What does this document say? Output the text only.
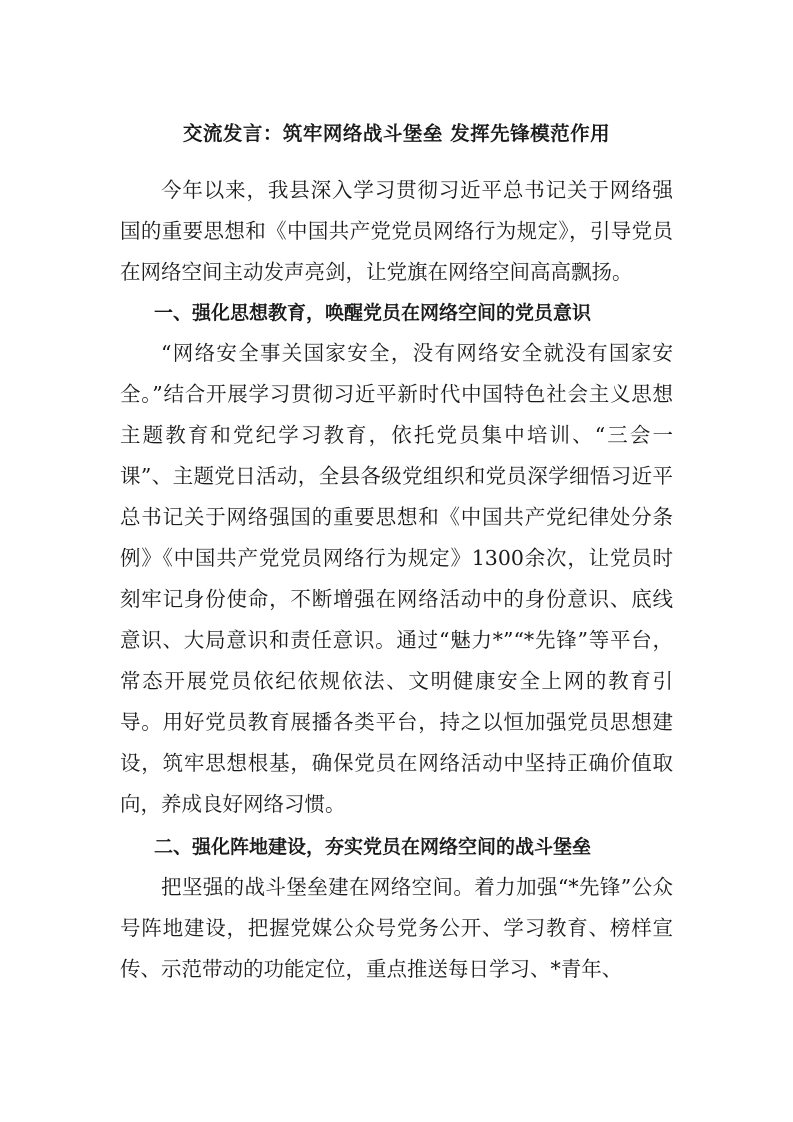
交流发言：筑牢网络战斗堡垒 发挥先锋模范作用

今年以来，我县深入学习贯彻习近平总书记关于网络强国的重要思想和《中国共产党党员网络行为规定》，引导党员在网络空间主动发声亮剑，让党旗在网络空间高高飘扬。

一、强化思想教育，唤醒党员在网络空间的党员意识

“网络安全事关国家安全，没有网络安全就没有国家安全。”结合开展学习贯彻习近平新时代中国特色社会主义思想主题教育和党纪学习教育，依托党员集中培训、“三会一课”、主题党日活动，全县各级党组织和党员深学细悟习近平总书记关于网络强国的重要思想和《中国共产党纪律处分条例》《中国共产党党员网络行为规定》1300余次，让党员时刻牢记身份使命，不断增强在网络活动中的身份意识、底线意识、大局意识和责任意识。通过“魅力*”“*先锋”等平台，常态开展党员依纪依规依法、文明健康安全上网的教育引导。用好党员教育展播各类平台，持之以恒加强党员思想建设，筑牢思想根基，确保党员在网络活动中坚持正确价值取向，养成良好网络习惯。

二、强化阵地建设，夯实党员在网络空间的战斗堡垒

把坚强的战斗堡垒建在网络空间。着力加强“*先锋”公众号阵地建设，把握党媒公众号党务公开、学习教育、榜样宣传、示范带动的功能定位，重点推送每日学习、*青年、
